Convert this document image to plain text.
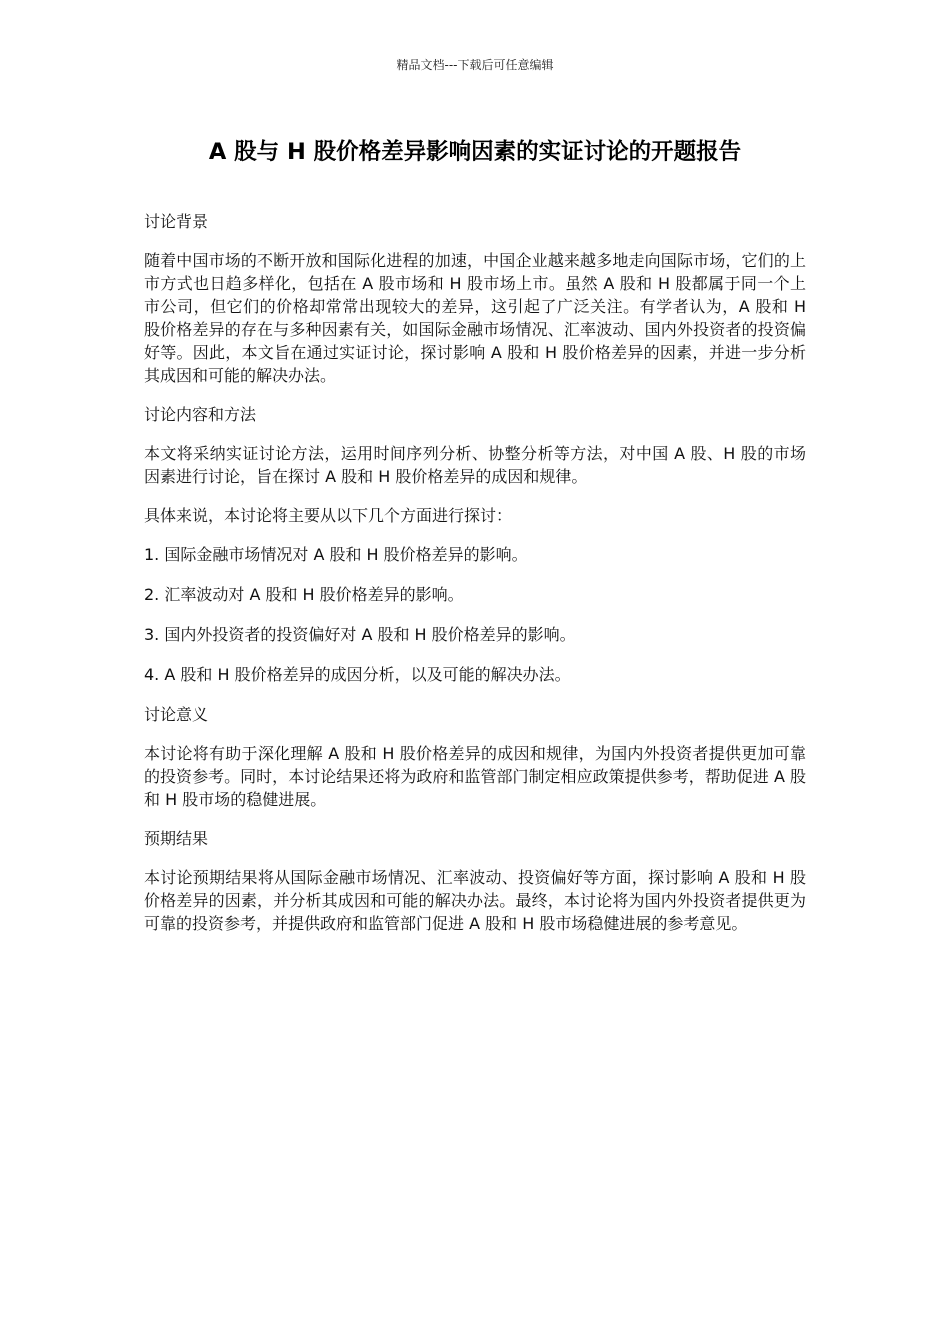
精品文档---下载后可任意编辑
A 股与 H 股价格差异影响因素的实证讨论的开题报告

讨论背景

随着中国市场的不断开放和国际化进程的加速，中国企业越来越多地走向国际市场，它们的上市方式也日趋多样化，包括在 A 股市场和 H 股市场上市。虽然 A 股和 H 股都属于同一个上市公司，但它们的价格却常常出现较大的差异，这引起了广泛关注。有学者认为，A 股和 H 股价格差异的存在与多种因素有关，如国际金融市场情况、汇率波动、国内外投资者的投资偏好等。因此，本文旨在通过实证讨论，探讨影响 A 股和 H 股价格差异的因素，并进一步分析其成因和可能的解决办法。

讨论内容和方法

本文将采纳实证讨论方法，运用时间序列分析、协整分析等方法，对中国 A 股、H 股的市场因素进行讨论，旨在探讨 A 股和 H 股价格差异的成因和规律。

具体来说，本讨论将主要从以下几个方面进行探讨：

1. 国际金融市场情况对 A 股和 H 股价格差异的影响。

2. 汇率波动对 A 股和 H 股价格差异的影响。

3. 国内外投资者的投资偏好对 A 股和 H 股价格差异的影响。

4. A 股和 H 股价格差异的成因分析，以及可能的解决办法。

讨论意义

本讨论将有助于深化理解 A 股和 H 股价格差异的成因和规律，为国内外投资者提供更加可靠的投资参考。同时，本讨论结果还将为政府和监管部门制定相应政策提供参考，帮助促进 A 股和 H 股市场的稳健进展。

预期结果

本讨论预期结果将从国际金融市场情况、汇率波动、投资偏好等方面，探讨影响 A 股和 H 股价格差异的因素，并分析其成因和可能的解决办法。最终，本讨论将为国内外投资者提供更为可靠的投资参考，并提供政府和监管部门促进 A 股和 H 股市场稳健进展的参考意见。
